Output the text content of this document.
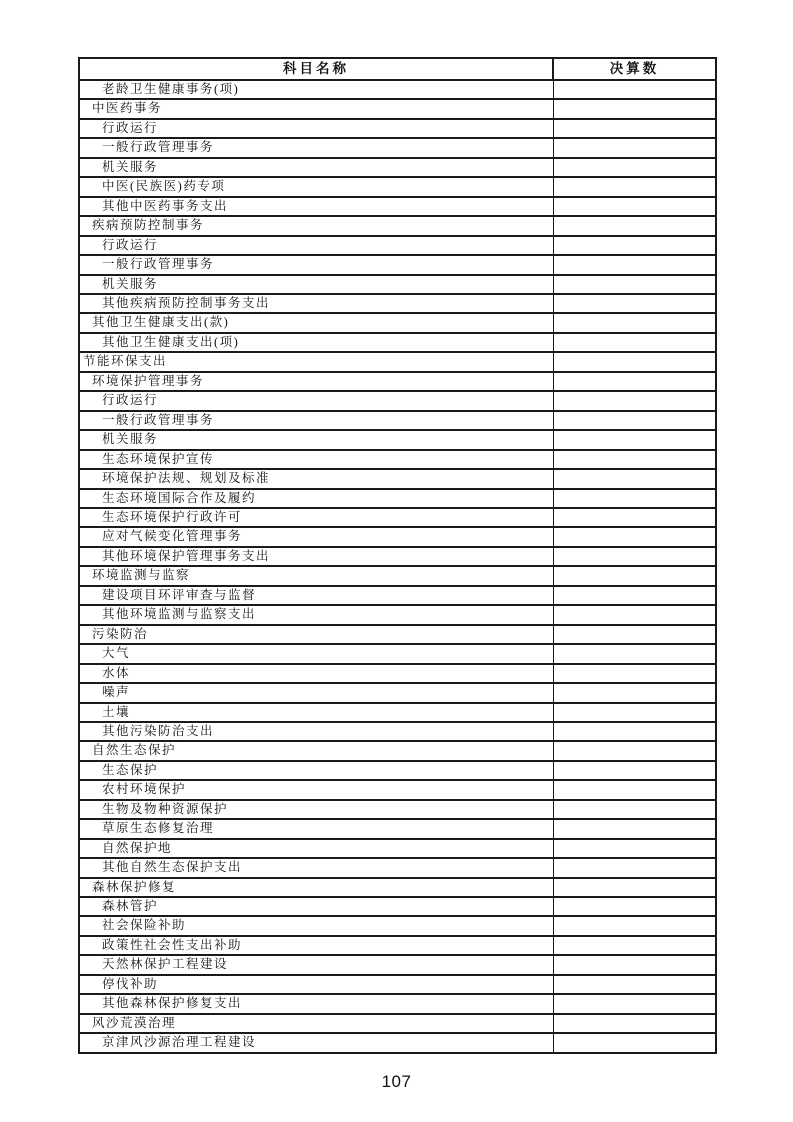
科目名称	决算数
老龄卫生健康事务(项)	
中医药事务	
行政运行	
一般行政管理事务	
机关服务	
中医(民族医)药专项	
其他中医药事务支出	
疾病预防控制事务	
行政运行	
一般行政管理事务	
机关服务	
其他疾病预防控制事务支出	
其他卫生健康支出(款)	
其他卫生健康支出(项)	
节能环保支出	
环境保护管理事务	
行政运行	
一般行政管理事务	
机关服务	
生态环境保护宣传	
环境保护法规、规划及标准	
生态环境国际合作及履约	
生态环境保护行政许可	
应对气候变化管理事务	
其他环境保护管理事务支出	
环境监测与监察	
建设项目环评审查与监督	
其他环境监测与监察支出	
污染防治	
大气	
水体	
噪声	
土壤	
其他污染防治支出	
自然生态保护	
生态保护	
农村环境保护	
生物及物种资源保护	
草原生态修复治理	
自然保护地	
其他自然生态保护支出	
森林保护修复	
森林管护	
社会保险补助	
政策性社会性支出补助	
天然林保护工程建设	
停伐补助	
其他森林保护修复支出	
风沙荒漠治理	
京津风沙源治理工程建设	
107
